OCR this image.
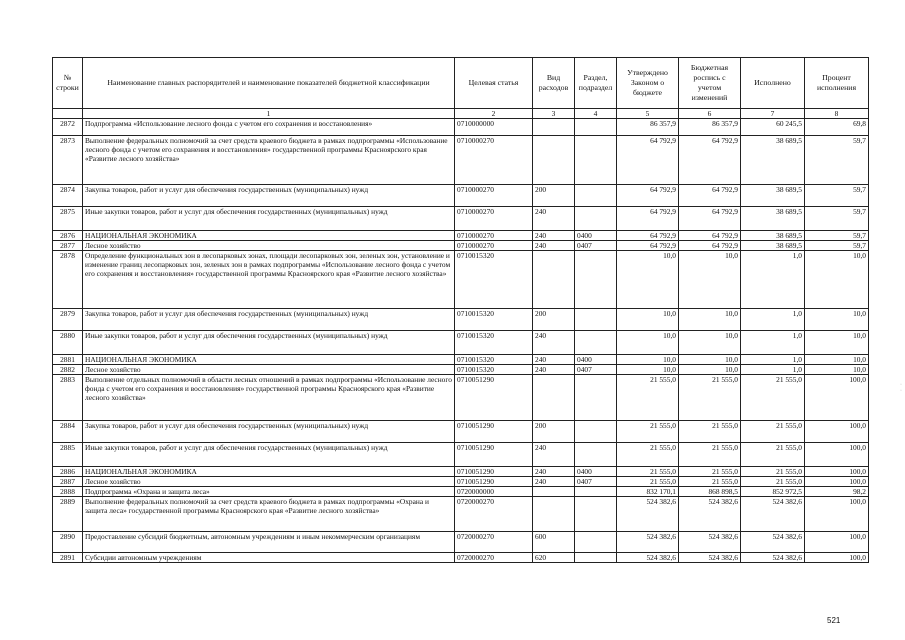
№ строки	Наименование главных распорядителей и наименование показателей бюджетной классификации	Целевая статья	Вид расходов	Раздел, подраздел	Утверждено Законом о бюджете	Бюджетная роспись с учетом изменений	Исполнено	Процент исполнения
	1	2	3	4	5	6	7	8
2872	Подпрограмма «Использование лесного фонда с учетом его сохранения и восстановления»	0710000000			86 357,9	86 357,9	60 245,5	69,8
2873	Выполнение федеральных полномочий за счет средств краевого бюджета в рамках подпрограммы «Использование лесного фонда с учетом его сохранения и восстановления» государственной программы Красноярского края «Развитие лесного хозяйства»	0710000270			64 792,9	64 792,9	38 689,5	59,7
2874	Закупка товаров, работ и услуг для обеспечения государственных (муниципальных) нужд	0710000270	200		64 792,9	64 792,9	38 689,5	59,7
2875	Иные закупки товаров, работ и услуг для обеспечения государственных (муниципальных) нужд	0710000270	240		64 792,9	64 792,9	38 689,5	59,7
2876	НАЦИОНАЛЬНАЯ ЭКОНОМИКА	0710000270	240	0400	64 792,9	64 792,9	38 689,5	59,7
2877	Лесное хозяйство	0710000270	240	0407	64 792,9	64 792,9	38 689,5	59,7
2878	Определение функциональных зон в лесопарковых зонах, площади лесопарковых зон, зеленых зон, установление и изменение границ лесопарковых зон, зеленых зон в рамках подпрограммы «Использование лесного фонда с учетом его сохранения и восстановления» государственной программы Красноярского края «Развитие лесного хозяйства»	0710015320			10,0	10,0	1,0	10,0
2879	Закупка товаров, работ и услуг для обеспечения государственных (муниципальных) нужд	0710015320	200		10,0	10,0	1,0	10,0
2880	Иные закупки товаров, работ и услуг для обеспечения государственных (муниципальных) нужд	0710015320	240		10,0	10,0	1,0	10,0
2881	НАЦИОНАЛЬНАЯ ЭКОНОМИКА	0710015320	240	0400	10,0	10,0	1,0	10,0
2882	Лесное хозяйство	0710015320	240	0407	10,0	10,0	1,0	10,0
2883	Выполнение отдельных полномочий в области лесных отношений в рамках подпрограммы «Использование лесного фонда с учетом его сохранения и восстановления» государственной программы Красноярского края «Развитие лесного хозяйства»	0710051290			21 555,0	21 555,0	21 555,0	100,0
2884	Закупка товаров, работ и услуг для обеспечения государственных (муниципальных) нужд	0710051290	200		21 555,0	21 555,0	21 555,0	100,0
2885	Иные закупки товаров, работ и услуг для обеспечения государственных (муниципальных) нужд	0710051290	240		21 555,0	21 555,0	21 555,0	100,0
2886	НАЦИОНАЛЬНАЯ ЭКОНОМИКА	0710051290	240	0400	21 555,0	21 555,0	21 555,0	100,0
2887	Лесное хозяйство	0710051290	240	0407	21 555,0	21 555,0	21 555,0	100,0
2888	Подпрограмма «Охрана и защита леса»	0720000000			832 170,1	868 898,5	852 972,5	98,2
2889	Выполнение федеральных полномочий за счет средств краевого бюджета в рамках подпрограммы «Охрана и защита леса» государственной программы Красноярского края «Развитие лесного хозяйства»	0720000270			524 382,6	524 382,6	524 382,6	100,0
2890	Предоставление субсидий бюджетным, автономным учреждениям и иным некоммерческим организациям	0720000270	600		524 382,6	524 382,6	524 382,6	100,0
2891	Субсидии автономным учреждениям	0720000270	620		524 382,6	524 382,6	524 382,6	100,0
521
·
·
